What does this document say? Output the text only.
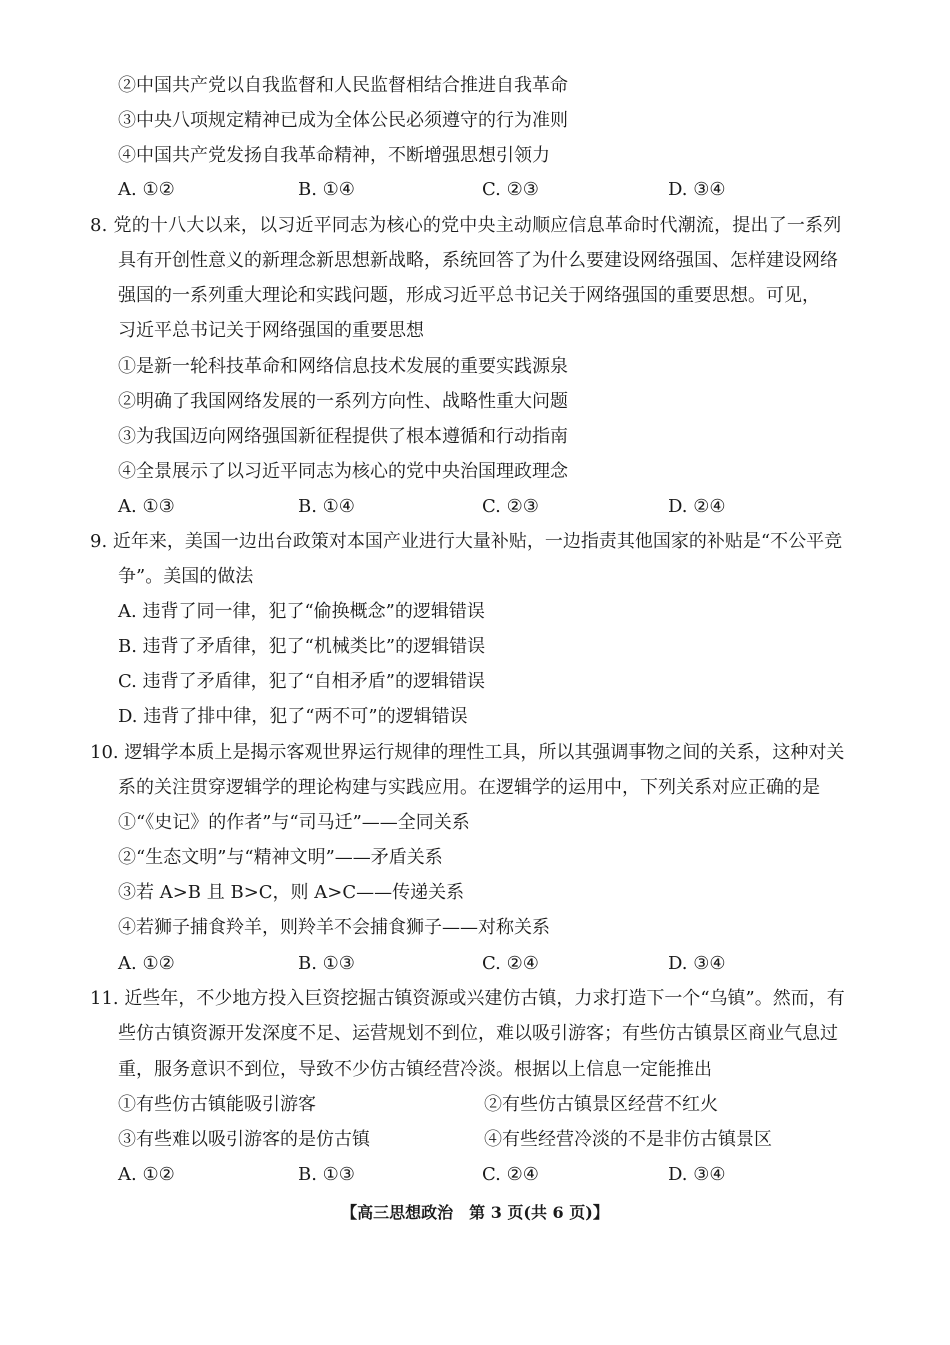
②中国共产党以自我监督和人民监督相结合推进自我革命
③中央八项规定精神已成为全体公民必须遵守的行为准则
④中国共产党发扬自我革命精神，不断增强思想引领力
A. ①②	B. ①④	C. ②③	D. ③④
8. 党的十八大以来，以习近平同志为核心的党中央主动顺应信息革命时代潮流，提出了一系列
具有开创性意义的新理念新思想新战略，系统回答了为什么要建设网络强国、怎样建设网络
强国的一系列重大理论和实践问题，形成习近平总书记关于网络强国的重要思想。可见，
习近平总书记关于网络强国的重要思想
①是新一轮科技革命和网络信息技术发展的重要实践源泉
②明确了我国网络发展的一系列方向性、战略性重大问题
③为我国迈向网络强国新征程提供了根本遵循和行动指南
④全景展示了以习近平同志为核心的党中央治国理政理念
A. ①③	B. ①④	C. ②③	D. ②④
9. 近年来，美国一边出台政策对本国产业进行大量补贴，一边指责其他国家的补贴是“不公平竞
争”。美国的做法
A. 违背了同一律，犯了“偷换概念”的逻辑错误
B. 违背了矛盾律，犯了“机械类比”的逻辑错误
C. 违背了矛盾律，犯了“自相矛盾”的逻辑错误
D. 违背了排中律，犯了“两不可”的逻辑错误
10. 逻辑学本质上是揭示客观世界运行规律的理性工具，所以其强调事物之间的关系，这种对关
系的关注贯穿逻辑学的理论构建与实践应用。在逻辑学的运用中，下列关系对应正确的是
①“《史记》的作者”与“司马迁”——全同关系
②“生态文明”与“精神文明”——矛盾关系
③若 A>B 且 B>C，则 A>C——传递关系
④若狮子捕食羚羊，则羚羊不会捕食狮子——对称关系
A. ①②	B. ①③	C. ②④	D. ③④
11. 近些年，不少地方投入巨资挖掘古镇资源或兴建仿古镇，力求打造下一个“乌镇”。然而，有
些仿古镇资源开发深度不足、运营规划不到位，难以吸引游客；有些仿古镇景区商业气息过
重，服务意识不到位，导致不少仿古镇经营冷淡。根据以上信息一定能推出
①有些仿古镇能吸引游客	②有些仿古镇景区经营不红火
③有些难以吸引游客的是仿古镇	④有些经营冷淡的不是非仿古镇景区
A. ①②	B. ①③	C. ②④	D. ③④
【高三思想政治　第 3 页(共 6 页)】
